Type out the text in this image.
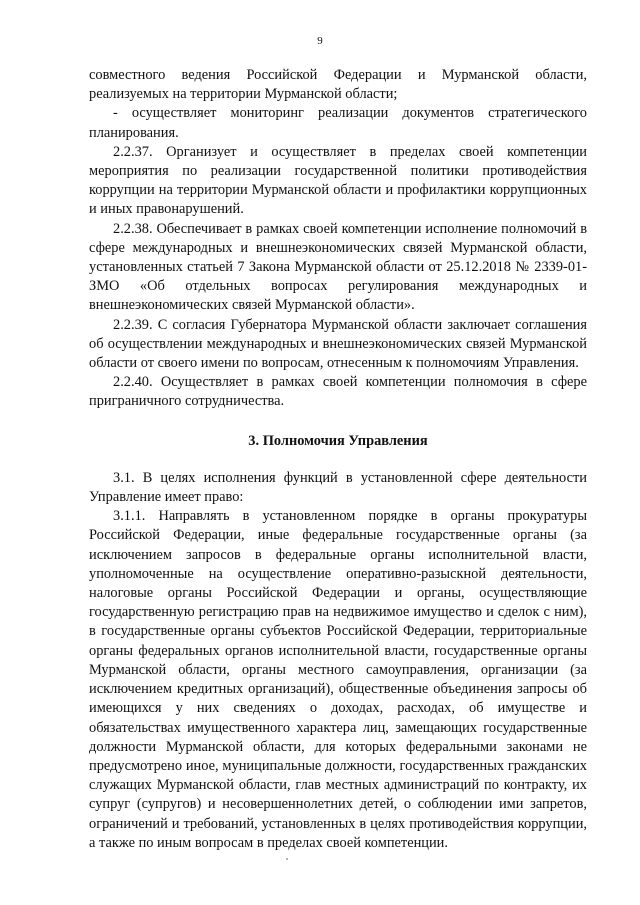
9

совместного ведения Российской Федерации и Мурманской области, реализуемых на территории Мурманской области;

- осуществляет мониторинг реализации документов стратегического планирования.

2.2.37. Организует и осуществляет в пределах своей компетенции мероприятия по реализации государственной политики противодействия коррупции на территории Мурманской области и профилактики коррупционных и иных правонарушений.

2.2.38. Обеспечивает в рамках своей компетенции исполнение полномочий в сфере международных и внешнеэкономических связей Мурманской области, установленных статьей 7 Закона Мурманской области от 25.12.2018 № 2339-01-ЗМО «Об отдельных вопросах регулирования международных и внешнеэкономических связей Мурманской области».

2.2.39. С согласия Губернатора Мурманской области заключает соглашения об осуществлении международных и внешнеэкономических связей Мурманской области от своего имени по вопросам, отнесенным к полномочиям Управления.

2.2.40. Осуществляет в рамках своей компетенции полномочия в сфере приграничного сотрудничества.

3. Полномочия Управления

3.1. В целях исполнения функций в установленной сфере деятельности Управление имеет право:

3.1.1. Направлять в установленном порядке в органы прокуратуры Российской Федерации, иные федеральные государственные органы (за исключением запросов в федеральные органы исполнительной власти, уполномоченные на осуществление оперативно-разыскной деятельности, налоговые органы Российской Федерации и органы, осуществляющие государственную регистрацию прав на недвижимое имущество и сделок с ним), в государственные органы субъектов Российской Федерации, территориальные органы федеральных органов исполнительной власти, государственные органы Мурманской области, органы местного самоуправления, организации (за исключением кредитных организаций), общественные объединения запросы об имеющихся у них сведениях о доходах, расходах, об имуществе и обязательствах имущественного характера лиц, замещающих государственные должности Мурманской области, для которых федеральными законами не предусмотрено иное, муниципальные должности, государственных гражданских служащих Мурманской области, глав местных администраций по контракту, их супруг (супругов) и несовершеннолетних детей, о соблюдении ими запретов, ограничений и требований, установленных в целях противодействия коррупции, а также по иным вопросам в пределах своей компетенции.
